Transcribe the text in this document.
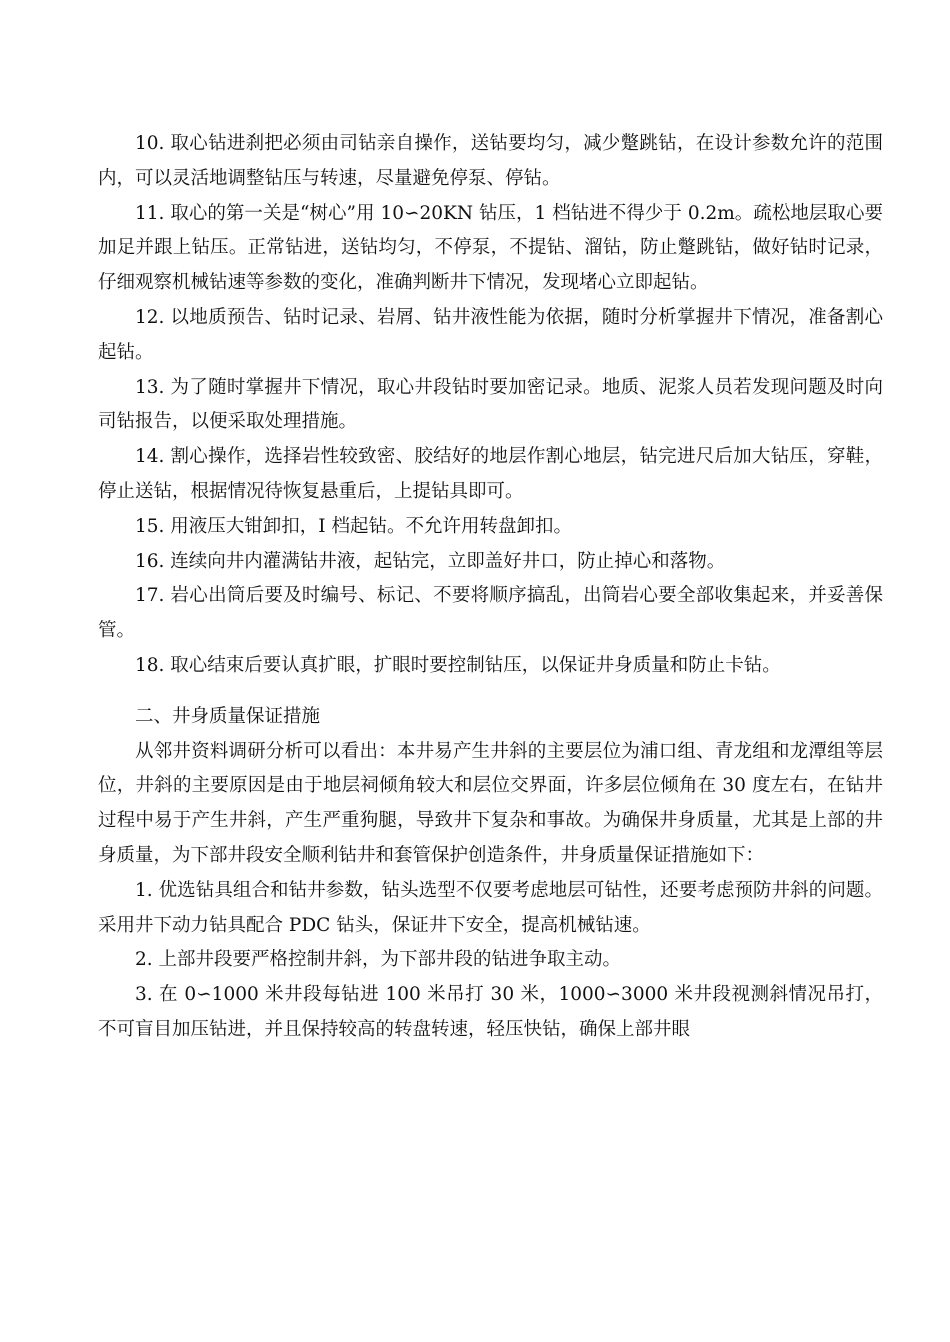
10. 取心钻进刹把必须由司钻亲自操作，送钻要均匀，减少蹩跳钻，在设计参数允许的范围内，可以灵活地调整钻压与转速，尽量避免停泵、停钻。

11. 取心的第一关是“树心”用 10∽20KN 钻压，1 档钻进不得少于 0.2m。疏松地层取心要加足并跟上钻压。正常钻进，送钻均匀，不停泵，不提钻、溜钻，防止蹩跳钻，做好钻时记录，仔细观察机械钻速等参数的变化，准确判断井下情况，发现堵心立即起钻。

12. 以地质预告、钻时记录、岩屑、钻井液性能为依据，随时分析掌握井下情况，准备割心起钻。

13. 为了随时掌握井下情况，取心井段钻时要加密记录。地质、泥浆人员若发现问题及时向司钻报告，以便采取处理措施。

14. 割心操作，选择岩性较致密、胶结好的地层作割心地层，钻完进尺后加大钻压，穿鞋，停止送钻，根据情况待恢复悬重后，上提钻具即可。

15. 用液压大钳卸扣，I 档起钻。不允许用转盘卸扣。

16. 连续向井内灌满钻井液，起钻完，立即盖好井口，防止掉心和落物。

17. 岩心出筒后要及时编号、标记、不要将顺序搞乱，出筒岩心要全部收集起来，并妥善保管。

18. 取心结束后要认真扩眼，扩眼时要控制钻压，以保证井身质量和防止卡钻。

二、井身质量保证措施

从邻井资料调研分析可以看出：本井易产生井斜的主要层位为浦口组、青龙组和龙潭组等层位，井斜的主要原因是由于地层祠倾角较大和层位交界面，许多层位倾角在 30 度左右，在钻井过程中易于产生井斜，产生严重狗腿，导致井下复杂和事故。为确保井身质量，尤其是上部的井身质量，为下部井段安全顺利钻井和套管保护创造条件，井身质量保证措施如下：

1. 优选钻具组合和钻井参数，钻头选型不仅要考虑地层可钻性，还要考虑预防井斜的问题。采用井下动力钻具配合 PDC 钻头，保证井下安全，提高机械钻速。

2. 上部井段要严格控制井斜，为下部井段的钻进争取主动。

3. 在 0∽1000 米井段每钻进 100 米吊打 30 米，1000∽3000 米井段视测斜情况吊打，不可盲目加压钻进，并且保持较高的转盘转速，轻压快钻，确保上部井眼
